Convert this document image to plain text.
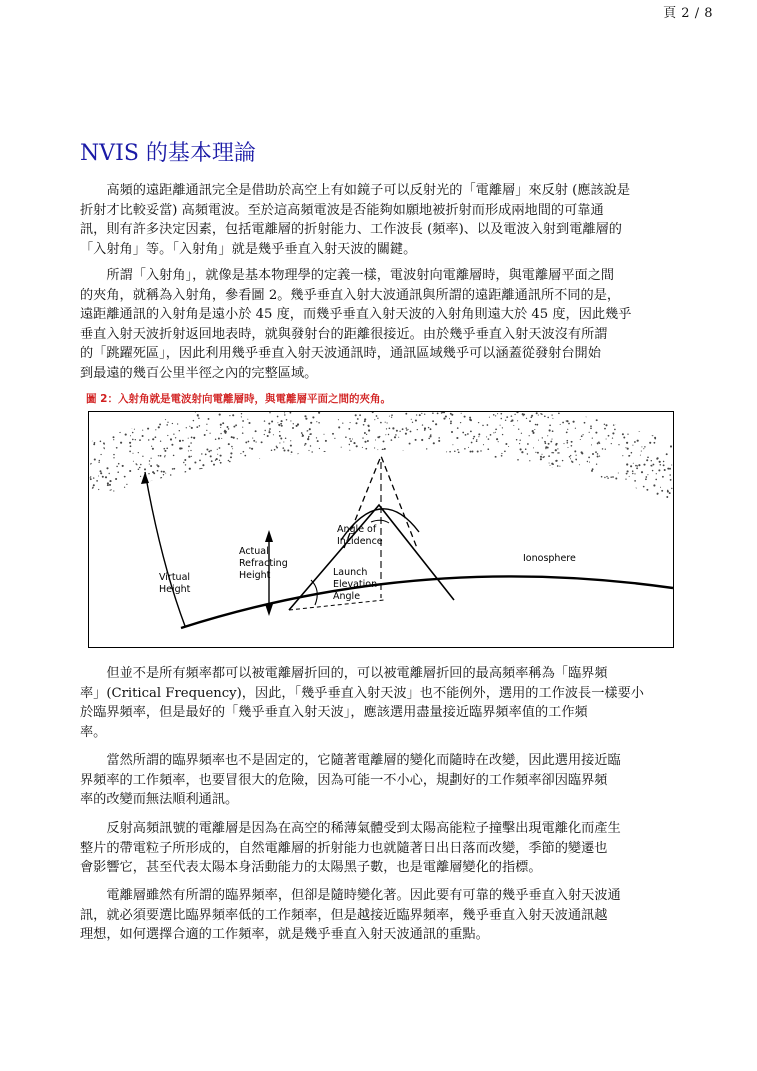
頁 2 / 8
NVIS 的基本理論

高頻的遠距離通訊完全是借助於高空上有如鏡子可以反射光的「電離層」來反射 (應該說是
折射才比較妥當) 高頻電波。至於這高頻電波是否能夠如願地被折射而形成兩地間的可靠通
訊，則有許多決定因素，包括電離層的折射能力、工作波長 (頻率)、以及電波入射到電離層的
「入射角」等。「入射角」就是幾乎垂直入射天波的關鍵。

所謂「入射角」，就像是基本物理學的定義一樣，電波射向電離層時，與電離層平面之間
的夾角，就稱為入射角，參看圖 2。幾乎垂直入射大波通訊與所謂的遠距離通訊所不同的是，
遠距離通訊的入射角是遠小於 45 度，而幾乎垂直入射天波的入射角則遠大於 45 度，因此幾乎
垂直入射天波折射返回地表時，就與發射台的距離很接近。由於幾乎垂直入射天波沒有所謂
的「跳躍死區」，因此利用幾乎垂直入射天波通訊時，通訊區域幾乎可以涵蓋從發射台開始
到最遠的幾百公里半徑之內的完整區域。

圖 2：入射角就是電波射向電離層時，與電離層平面之間的夾角。

Virtual
Height
Actual
Refracting
Height
Angle of
Incidence
Launch
Elevation
Angle
Ionosphere

但並不是所有頻率都可以被電離層折回的，可以被電離層折回的最高頻率稱為「臨界頻
率」(Critical Frequency)，因此，「幾乎垂直入射天波」也不能例外，選用的工作波長一樣要小
於臨界頻率，但是最好的「幾乎垂直入射天波」，應該選用盡量接近臨界頻率值的工作頻
率。

當然所謂的臨界頻率也不是固定的，它隨著電離層的變化而隨時在改變，因此選用接近臨
界頻率的工作頻率，也要冒很大的危險，因為可能一不小心，規劃好的工作頻率卻因臨界頻
率的改變而無法順利通訊。

反射高頻訊號的電離層是因為在高空的稀薄氣體受到太陽高能粒子撞擊出現電離化而產生
整片的帶電粒子所形成的，自然電離層的折射能力也就隨著日出日落而改變，季節的變遷也
會影響它，甚至代表太陽本身活動能力的太陽黑子數，也是電離層變化的指標。

電離層雖然有所謂的臨界頻率，但卻是隨時變化著。因此要有可靠的幾乎垂直入射天波通
訊，就必須要選比臨界頻率低的工作頻率，但是越接近臨界頻率，幾乎垂直入射天波通訊越
理想，如何選擇合適的工作頻率，就是幾乎垂直入射天波通訊的重點。
